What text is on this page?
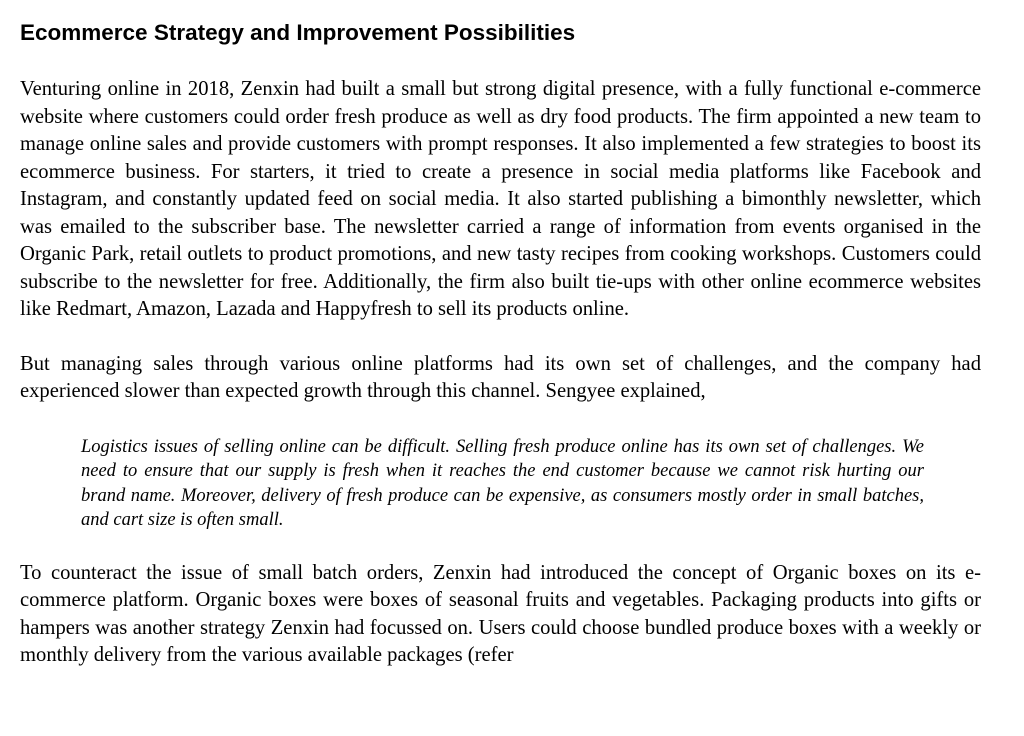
Ecommerce Strategy and Improvement Possibilities

Venturing online in 2018, Zenxin had built a small but strong digital presence, with a fully functional e-commerce website where customers could order fresh produce as well as dry food products. The firm appointed a new team to manage online sales and provide customers with prompt responses. It also implemented a few strategies to boost its ecommerce business. For starters, it tried to create a presence in social media platforms like Facebook and Instagram, and constantly updated feed on social media. It also started publishing a bimonthly newsletter, which was emailed to the subscriber base. The newsletter carried a range of information from events organised in the Organic Park, retail outlets to product promotions, and new tasty recipes from cooking workshops. Customers could subscribe to the newsletter for free. Additionally, the firm also built tie-ups with other online ecommerce websites like Redmart, Amazon, Lazada and Happyfresh to sell its products online.

But managing sales through various online platforms had its own set of challenges, and the company had experienced slower than expected growth through this channel. Sengyee explained,

Logistics issues of selling online can be difficult. Selling fresh produce online has its own set of challenges. We need to ensure that our supply is fresh when it reaches the end customer because we cannot risk hurting our brand name. Moreover, delivery of fresh produce can be expensive, as consumers mostly order in small batches, and cart size is often small.

To counteract the issue of small batch orders, Zenxin had introduced the concept of Organic boxes on its e-commerce platform. Organic boxes were boxes of seasonal fruits and vegetables. Packaging products into gifts or hampers was another strategy Zenxin had focussed on. Users could choose bundled produce boxes with a weekly or monthly delivery from the various available packages (refer
